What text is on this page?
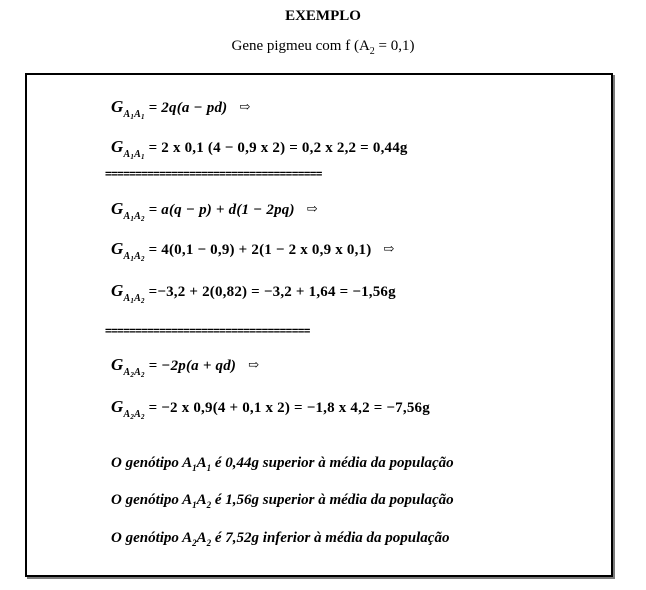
EXEMPLO
Gene pigmeu com f $(A_2 = 0,1)$
$G_{A_1A_1} = 2q(a - pd)$ ⇨
$G_{A_1A_1} = 2$ x 0,1 (4 − 0,9 x 2) = 0,2 x 2,2 = 0,44g
====================================
$G_{A_1A_2} = a(q - p) + d(1 - 2pq)$ ⇨
$G_{A_1A_2} = 4(0,1 - 0,9) + 2(1 - 2$ x 0,9 x 0,1) ⇨
$G_{A_1A_2} =-3,2 + 2(0,82) = -3,2 + 1,64 = -1,56g$
==================================
$G_{A_2A_2} = -2p(a + qd)$ ⇨
$G_{A_2A_2} = -2$ x 0,9(4 + 0,1 x 2) = −1,8 x 4,2 = −7,56g
O genótipo $A_1A_1$ é 0,44g superior à média da população
O genótipo $A_1A_2$ é 1,56g superior à média da população
O genótipo $A_2A_2$ é 7,52g inferior à média da população
